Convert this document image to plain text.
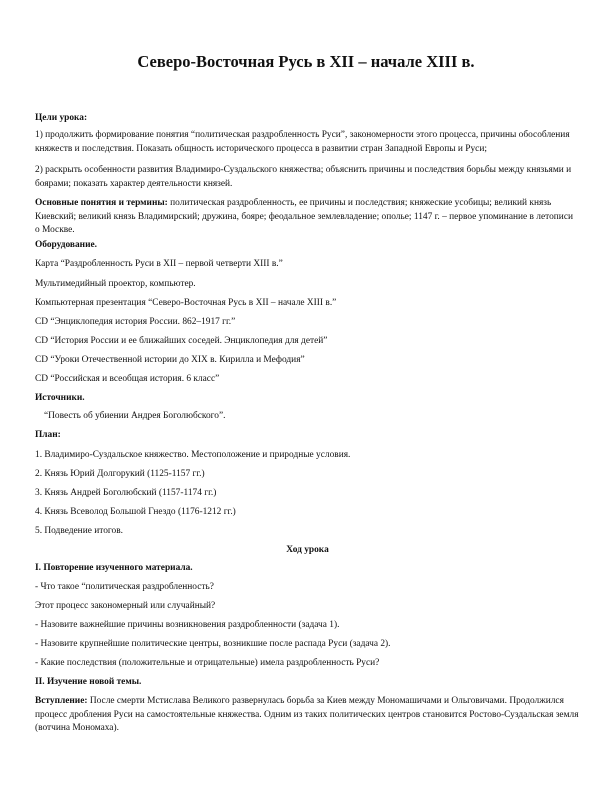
Северо-Восточная Русь в XII – начале XIII в.
Цели урока:
1) продолжить формирование понятия “политическая раздробленность Руси”, закономерности этого процесса, причины обособления княжеств и последствия. Показать общность исторического процесса в развитии стран Западной Европы и Руси;
2) раскрыть особенности развития Владимиро-Суздальского княжества; объяснить причины и последствия борьбы между князьями и боярами; показать характер деятельности князей.
Основные понятия и термины: политическая раздробленность, ее причины и последствия; княжеские усобицы; великий князь Киевский; великий князь Владимирский; дружина, бояре; феодальное землевладение; ополье; 1147 г. – первое упоминание в летописи о Москве.
Оборудование.
Карта “Раздробленность Руси в XII – первой четверти XIII в.”
Мультимедийный проектор, компьютер.
Компьютерная презентация “Северо-Восточная Русь в XII – начале XIII в.”
CD “Энциклопедия история России. 862–1917 гг.”
CD “История России и ее ближайших соседей. Энциклопедия для детей”
CD “Уроки Отечественной истории до XIX в. Кирилла и Мефодия”
CD “Российская и всеобщая история. 6 класс”
Источники.
“Повесть об убиении Андрея Боголюбского”.
План:
1. Владимиро-Суздальское княжество. Местоположение и природные условия.
2. Князь Юрий Долгорукий (1125-1157 гг.)
3. Князь Андрей Боголюбский (1157-1174 гг.)
4. Князь Всеволод Большой Гнездо (1176-1212 гг.)
5. Подведение итогов.
Ход урока
I. Повторение изученного материала.
- Что такое “политическая раздробленность?
Этот процесс закономерный или случайный?
- Назовите важнейшие причины возникновения раздробленности (задача 1).
- Назовите крупнейшие политические центры, возникшие после распада Руси (задача 2).
- Какие последствия (положительные и отрицательные) имела раздробленность Руси?
II. Изучение новой темы.
Вступление: После смерти Мстислава Великого развернулась борьба за Киев между Мономашичами и Ольговичами. Продолжился процесс дробления Руси на самостоятельные княжества. Одним из таких политических центров становится Ростово-Суздальская земля (вотчина Мономаха).
